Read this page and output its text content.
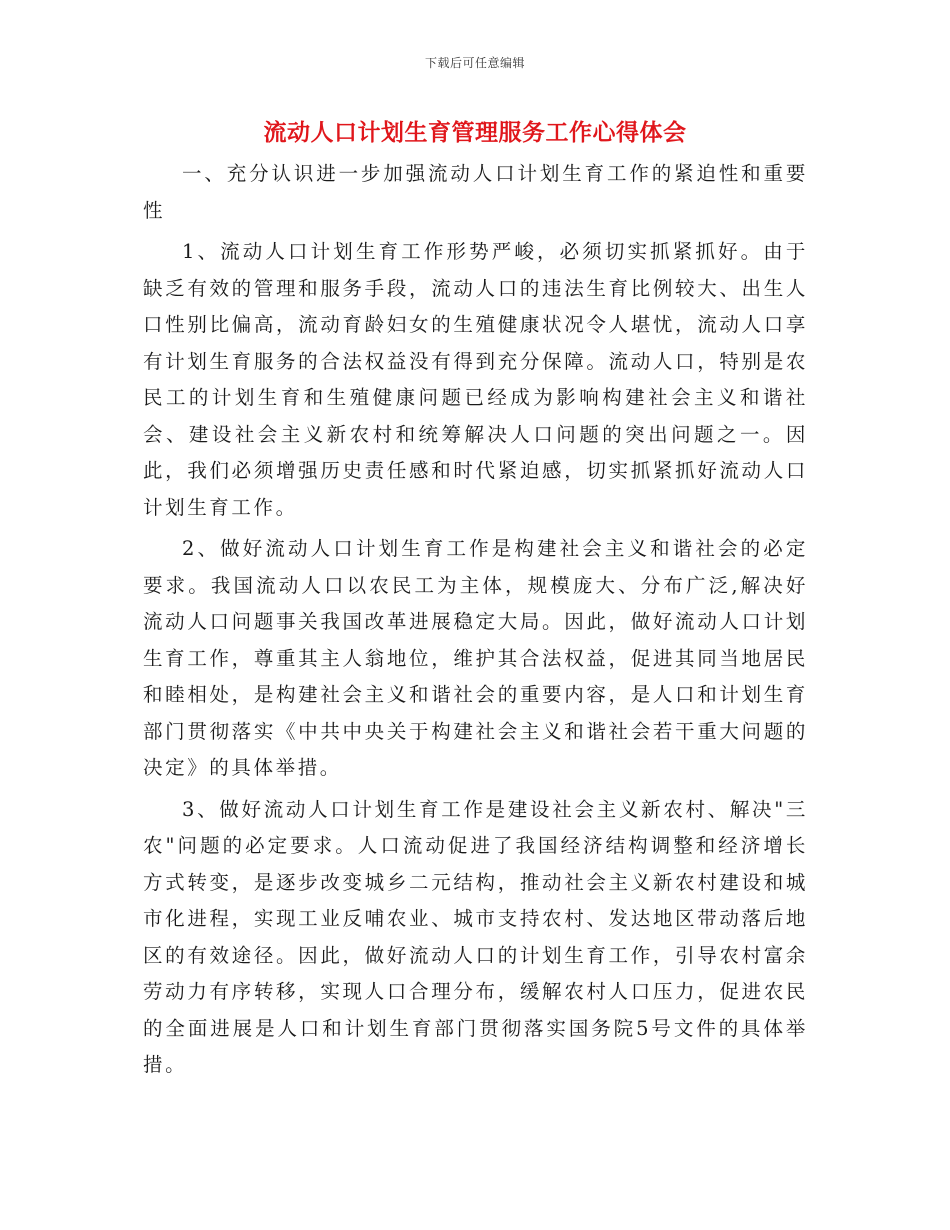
下载后可任意编辑
流动人口计划生育管理服务工作心得体会

一、充分认识进一步加强流动人口计划生育工作的紧迫性和重要性

1、流动人口计划生育工作形势严峻，必须切实抓紧抓好。由于缺乏有效的管理和服务手段，流动人口的违法生育比例较大、出生人口性别比偏高，流动育龄妇女的生殖健康状况令人堪忧，流动人口享有计划生育服务的合法权益没有得到充分保障。流动人口，特别是农民工的计划生育和生殖健康问题已经成为影响构建社会主义和谐社会、建设社会主义新农村和统筹解决人口问题的突出问题之一。因此，我们必须增强历史责任感和时代紧迫感，切实抓紧抓好流动人口计划生育工作。

2、做好流动人口计划生育工作是构建社会主义和谐社会的必定要求。我国流动人口以农民工为主体，规模庞大、分布广泛,解决好流动人口问题事关我国改革进展稳定大局。因此，做好流动人口计划生育工作，尊重其主人翁地位，维护其合法权益，促进其同当地居民和睦相处，是构建社会主义和谐社会的重要内容，是人口和计划生育部门贯彻落实《中共中央关于构建社会主义和谐社会若干重大问题的决定》的具体举措。

3、做好流动人口计划生育工作是建设社会主义新农村、解决"三农"问题的必定要求。人口流动促进了我国经济结构调整和经济增长方式转变，是逐步改变城乡二元结构，推动社会主义新农村建设和城市化进程，实现工业反哺农业、城市支持农村、发达地区带动落后地区的有效途径。因此，做好流动人口的计划生育工作，引导农村富余劳动力有序转移，实现人口合理分布，缓解农村人口压力，促进农民的全面进展是人口和计划生育部门贯彻落实国务院5号文件的具体举措。
